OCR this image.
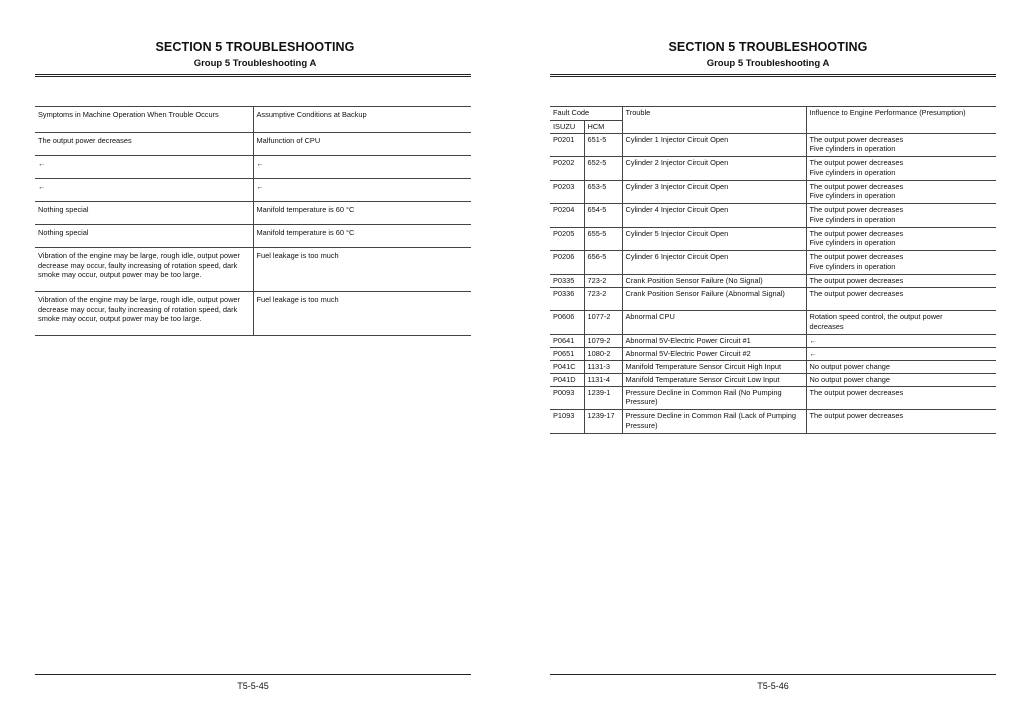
SECTION 5 TROUBLESHOOTING
Group 5 Troubleshooting A
Symptoms in Machine Operation When Trouble Occurs	Assumptive Conditions at Backup
The output power decreases	Malfunction of CPU
←	←
←	←
Nothing special	Manifold temperature is 60 °C
Nothing special	Manifold temperature is 60 °C
Vibration of the engine may be large, rough idle, output power decrease may occur, faulty increasing of rotation speed, dark smoke may occur, output power may be too large.	Fuel leakage is too much
Vibration of the engine may be large, rough idle, output power decrease may occur, faulty increasing of rotation speed, dark smoke may occur, output power may be too large.	Fuel leakage is too much
T5-5-45
SECTION 5 TROUBLESHOOTING
Group 5 Troubleshooting A
Fault Code		Trouble	Influence to Engine Performance (Presumption)
ISUZU	HCM		
P0201	651-5	Cylinder 1 Injector Circuit Open	The output power decreases
Five cylinders in operation

P0202	652-5	Cylinder 2 Injector Circuit Open	The output power decreases
Five cylinders in operation

P0203	653-5	Cylinder 3 Injector Circuit Open	The output power decreases
Five cylinders in operation

P0204	654-5	Cylinder 4 Injector Circuit Open	The output power decreases
Five cylinders in operation

P0205	655-5	Cylinder 5 Injector Circuit Open	The output power decreases
Five cylinders in operation

P0206	656-5	Cylinder 6 Injector Circuit Open	The output power decreases
Five cylinders in operation

P0335	723-2	Crank Position Sensor Failure (No Signal)	The output power decreases

P0336	723-2	Crank Position Sensor Failure (Abnormal Signal)	The output power decreases

P0606	1077-2	Abnormal CPU	Rotation speed control, the output power
decreases

P0641	1079-2	Abnormal 5V-Electric Power Circuit #1	←

P0651	1080-2	Abnormal 5V-Electric Power Circuit #2	←

P041C	1131-3	Manifold Temperature Sensor Circuit High Input	No output power change

P041D	1131-4	Manifold Temperature Sensor Circuit Low Input	No output power change

P0093	1239-1	Pressure Decline in Common Rail (No Pumping Pressure)	The output power decreases

P1093	1239-17	Pressure Decline in Common Rail (Lack of Pumping Pressure)	The output power decreases
T5-5-46
